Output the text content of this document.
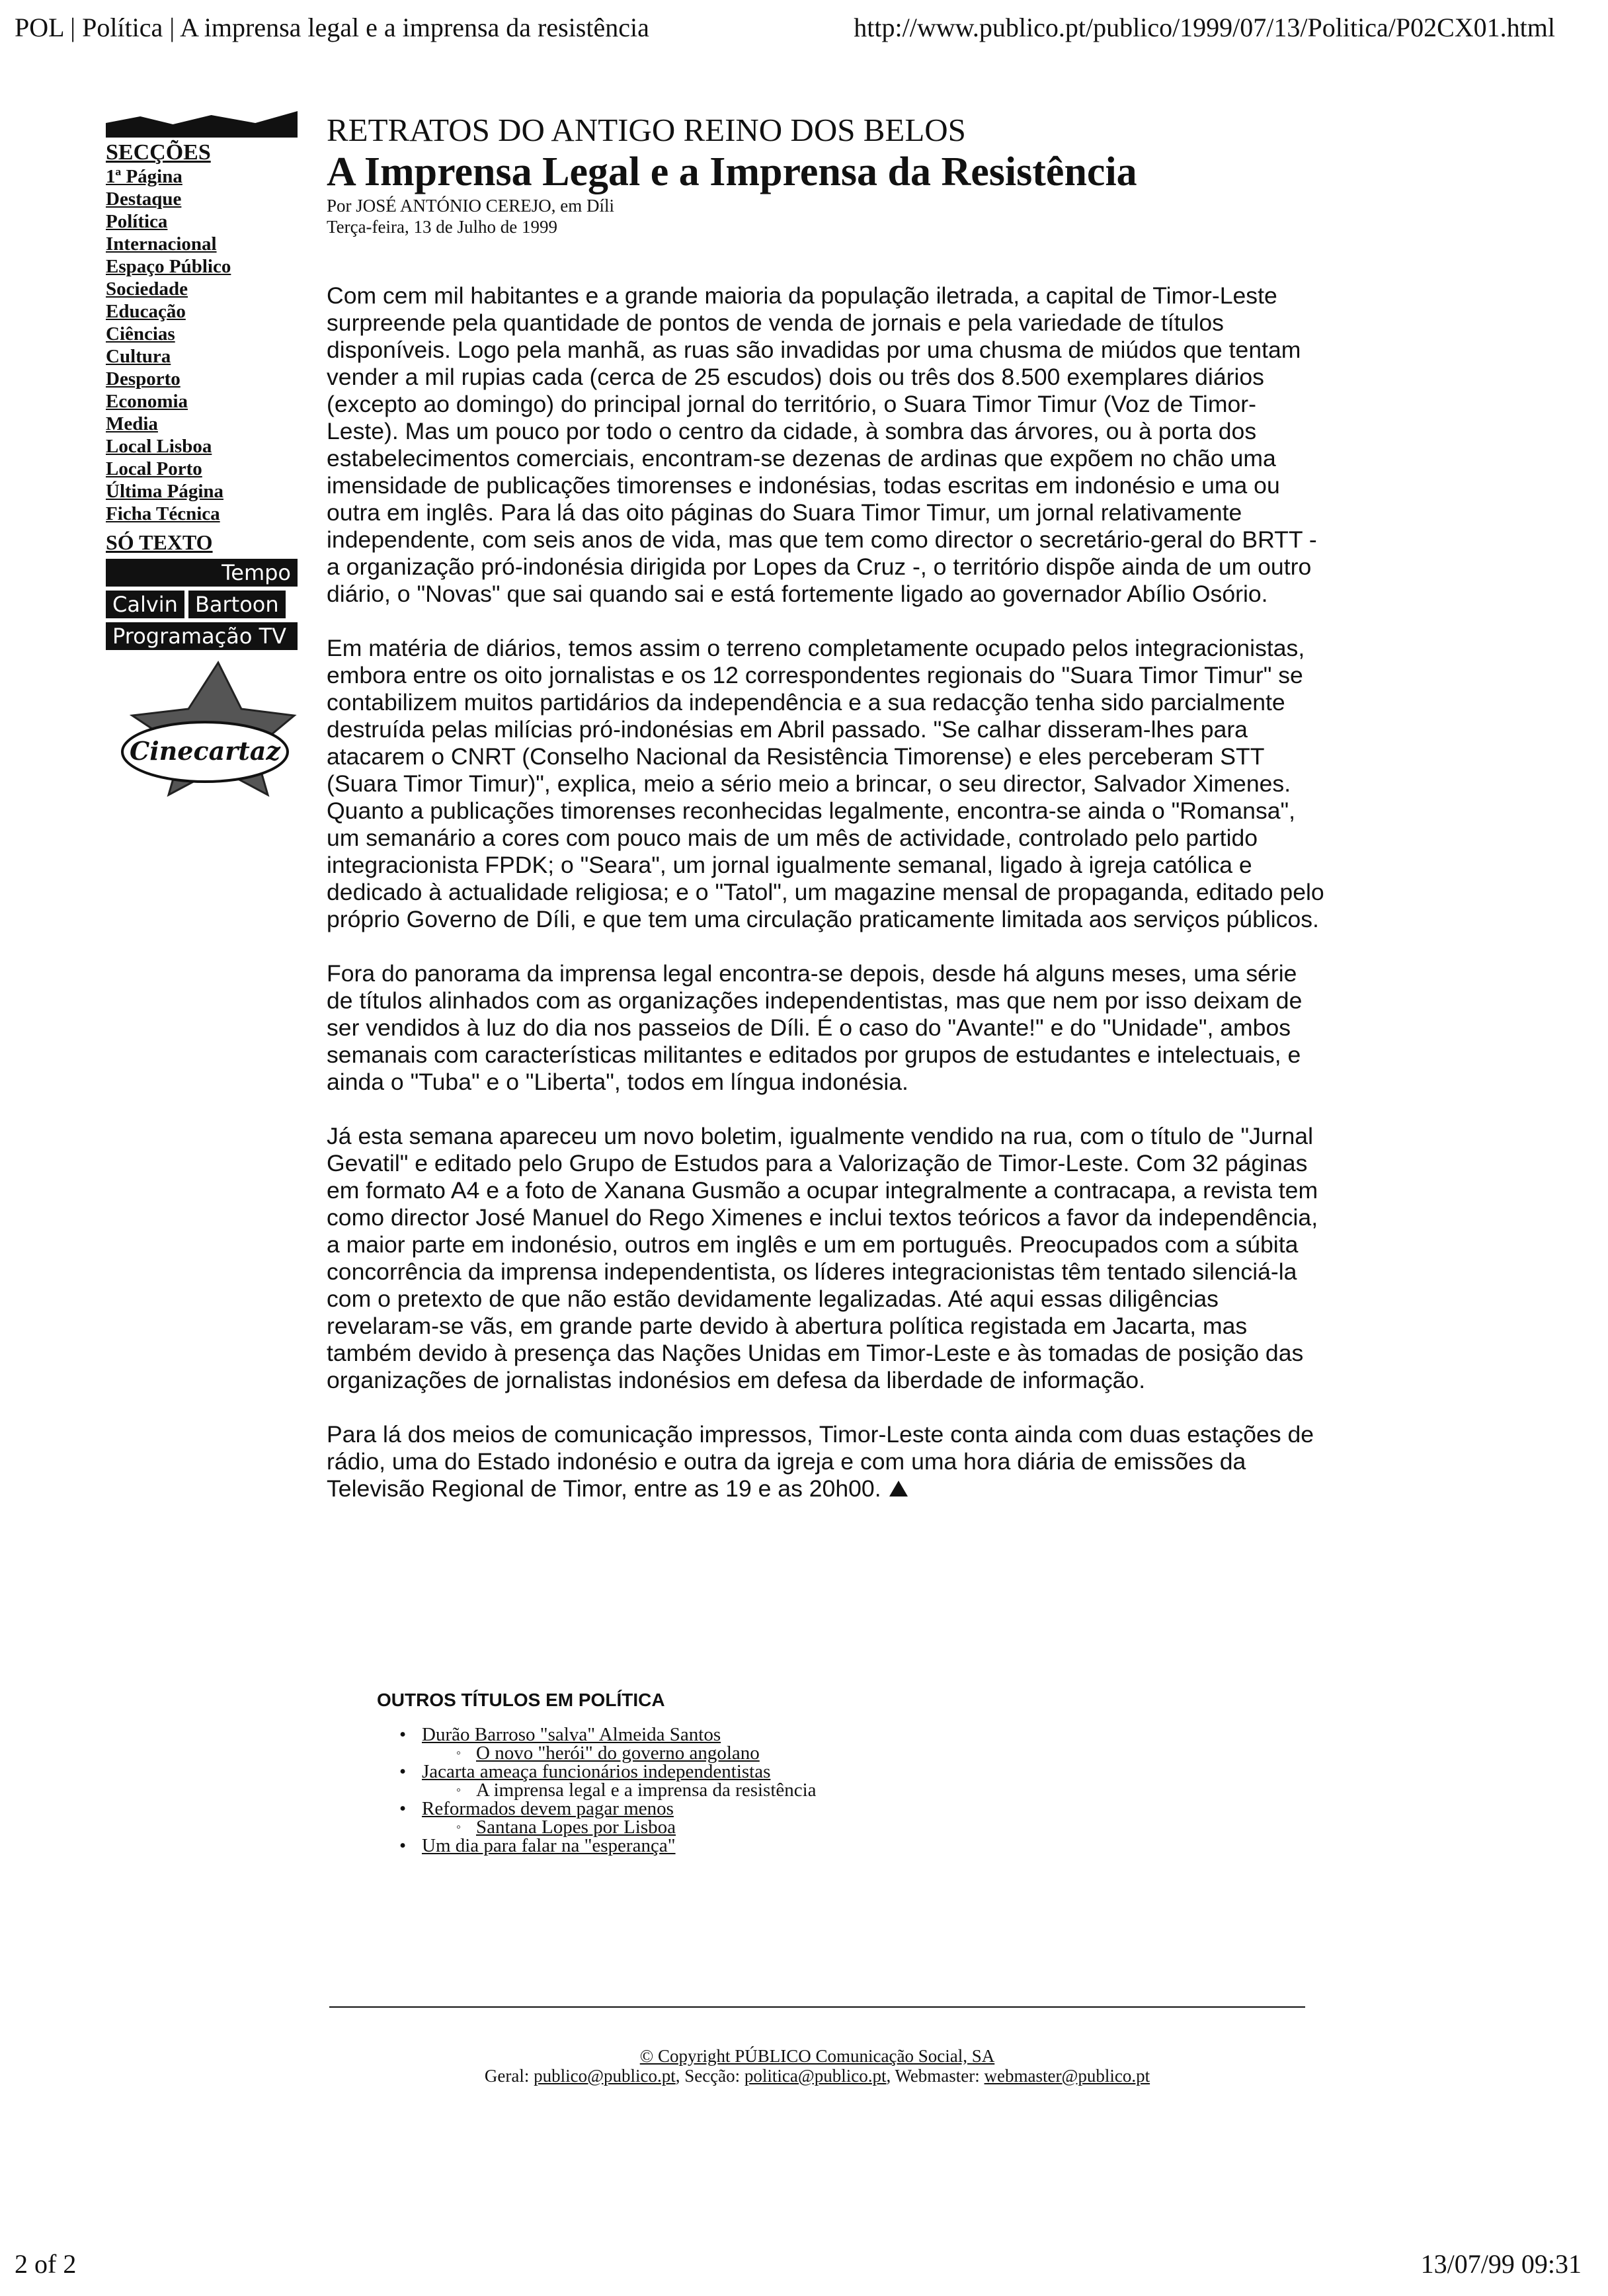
POL | Política | A imprensa legal e a imprensa da resistência	http://www.publico.pt/publico/1999/07/13/Politica/P02CX01.html
SECÇÕES
1ª Página
Destaque
Política
Internacional
Espaço Público
Sociedade
Educação
Ciências
Cultura
Desporto
Economia
Media
Local Lisboa
Local Porto
Última Página
Ficha Técnica
SÓ TEXTO
Tempo
Calvin Bartoon
Programação TV
Cinecartaz
RETRATOS DO ANTIGO REINO DOS BELOS
A Imprensa Legal e a Imprensa da Resistência
Por JOSÉ ANTÓNIO CEREJO, em Díli
Terça-feira, 13 de Julho de 1999

Com cem mil habitantes e a grande maioria da população iletrada, a capital de Timor-Leste surpreende pela quantidade de pontos de venda de jornais e pela variedade de títulos disponíveis. Logo pela manhã, as ruas são invadidas por uma chusma de miúdos que tentam vender a mil rupias cada (cerca de 25 escudos) dois ou três dos 8.500 exemplares diários (excepto ao domingo) do principal jornal do território, o Suara Timor Timur (Voz de Timor-Leste). Mas um pouco por todo o centro da cidade, à sombra das árvores, ou à porta dos estabelecimentos comerciais, encontram-se dezenas de ardinas que expõem no chão uma imensidade de publicações timorenses e indonésias, todas escritas em indonésio e uma ou outra em inglês. Para lá das oito páginas do Suara Timor Timur, um jornal relativamente independente, com seis anos de vida, mas que tem como director o secretário-geral do BRTT - a organização pró-indonésia dirigida por Lopes da Cruz -, o território dispõe ainda de um outro diário, o "Novas" que sai quando sai e está fortemente ligado ao governador Abílio Osório.

Em matéria de diários, temos assim o terreno completamente ocupado pelos integracionistas, embora entre os oito jornalistas e os 12 correspondentes regionais do "Suara Timor Timur" se contabilizem muitos partidários da independência e a sua redacção tenha sido parcialmente destruída pelas milícias pró-indonésias em Abril passado. "Se calhar disseram-lhes para atacarem o CNRT (Conselho Nacional da Resistência Timorense) e eles perceberam STT (Suara Timor Timur)", explica, meio a sério meio a brincar, o seu director, Salvador Ximenes. Quanto a publicações timorenses reconhecidas legalmente, encontra-se ainda o "Romansa", um semanário a cores com pouco mais de um mês de actividade, controlado pelo partido integracionista FPDK; o "Seara", um jornal igualmente semanal, ligado à igreja católica e dedicado à actualidade religiosa; e o "Tatol", um magazine mensal de propaganda, editado pelo próprio Governo de Díli, e que tem uma circulação praticamente limitada aos serviços públicos.

Fora do panorama da imprensa legal encontra-se depois, desde há alguns meses, uma série de títulos alinhados com as organizações independentistas, mas que nem por isso deixam de ser vendidos à luz do dia nos passeios de Díli. É o caso do "Avante!" e do "Unidade", ambos semanais com características militantes e editados por grupos de estudantes e intelectuais, e ainda o "Tuba" e o "Liberta", todos em língua indonésia.

Já esta semana apareceu um novo boletim, igualmente vendido na rua, com o título de "Jurnal Gevatil" e editado pelo Grupo de Estudos para a Valorização de Timor-Leste. Com 32 páginas em formato A4 e a foto de Xanana Gusmão a ocupar integralmente a contracapa, a revista tem como director José Manuel do Rego Ximenes e inclui textos teóricos a favor da independência, a maior parte em indonésio, outros em inglês e um em português. Preocupados com a súbita concorrência da imprensa independentista, os líderes integracionistas têm tentado silenciá-la com o pretexto de que não estão devidamente legalizadas. Até aqui essas diligências revelaram-se vãs, em grande parte devido à abertura política registada em Jacarta, mas também devido à presença das Nações Unidas em Timor-Leste e às tomadas de posição das organizações de jornalistas indonésios em defesa da liberdade de informação.

Para lá dos meios de comunicação impressos, Timor-Leste conta ainda com duas estações de rádio, uma do Estado indonésio e outra da igreja e com uma hora diária de emissões da Televisão Regional de Timor, entre as 19 e as 20h00.

OUTROS TÍTULOS EM POLÍTICA
• Durão Barroso "salva" Almeida Santos
◦ O novo "herói" do governo angolano
• Jacarta ameaça funcionários independentistas
◦ A imprensa legal e a imprensa da resistência
• Reformados devem pagar menos
◦ Santana Lopes por Lisboa
• Um dia para falar na "esperança"
© Copyright PÚBLICO Comunicação Social, SA
Geral: publico@publico.pt, Secção: politica@publico.pt, Webmaster: webmaster@publico.pt
2 of 2	13/07/99 09:31
